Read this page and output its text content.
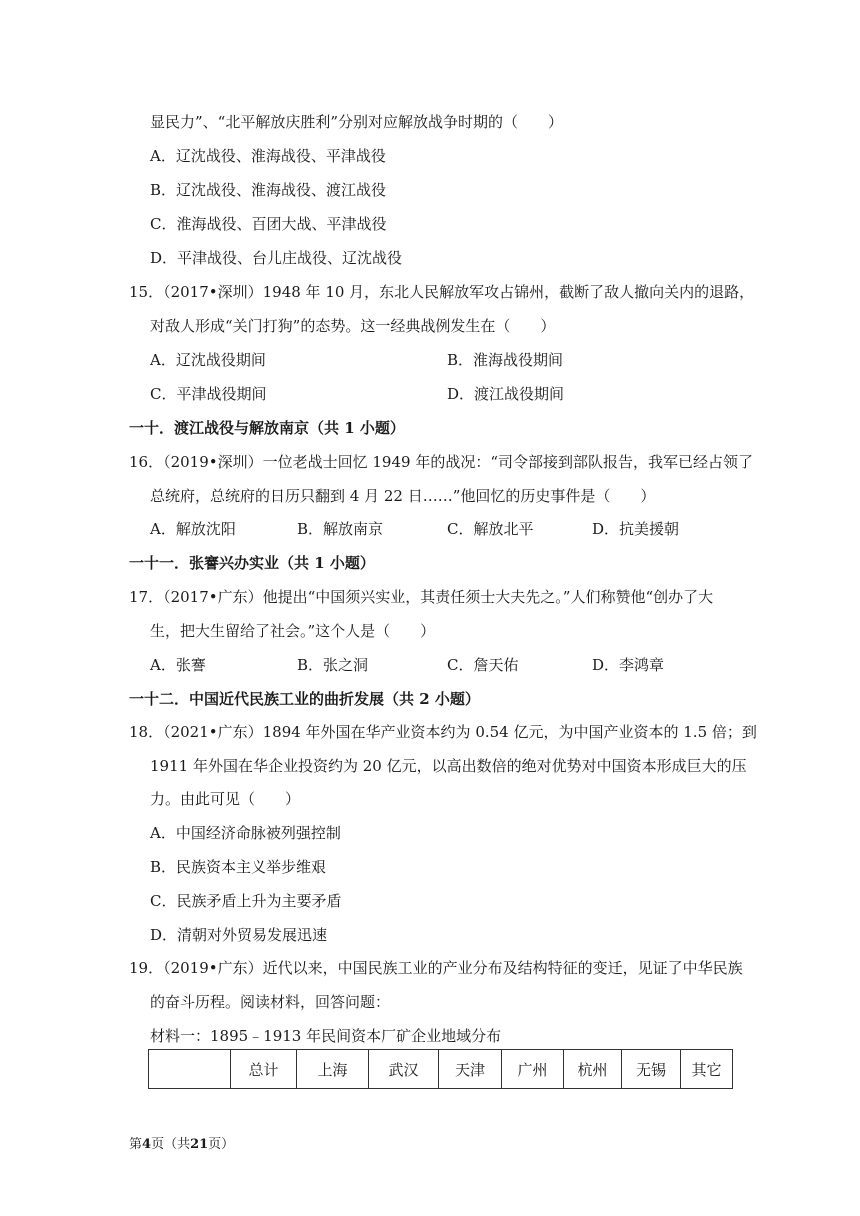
显民力”、“北平解放庆胜利”分别对应解放战争时期的（　　）
A．辽沈战役、淮海战役、平津战役
B．辽沈战役、淮海战役、渡江战役
C．淮海战役、百团大战、平津战役
D．平津战役、台儿庄战役、辽沈战役
15．（2017•深圳）1948 年 10 月，东北人民解放军攻占锦州，截断了敌人撤向关内的退路，
对敌人形成“关门打狗”的态势。这一经典战例发生在（　　）
A．辽沈战役期间	B．淮海战役期间
C．平津战役期间	D．渡江战役期间
一十．渡江战役与解放南京（共 1 小题）
16．（2019•深圳）一位老战士回忆 1949 年的战况：“司令部接到部队报告，我军已经占领了
总统府，总统府的日历只翻到 4 月 22 日……”他回忆的历史事件是（　　）
A．解放沈阳	B．解放南京	C．解放北平	D．抗美援朝
一十一．张謇兴办实业（共 1 小题）
17．（2017•广东）他提出“中国须兴实业，其责任须士大夫先之。”人们称赞他“创办了大
生，把大生留给了社会。”这个人是（　　）
A．张謇	B．张之洞	C．詹天佑	D．李鸿章
一十二．中国近代民族工业的曲折发展（共 2 小题）
18．（2021•广东）1894 年外国在华产业资本约为 0.54 亿元，为中国产业资本的 1.5 倍；到
1911 年外国在华企业投资约为 20 亿元，以高出数倍的绝对优势对中国资本形成巨大的压
力。由此可见（　　）
A．中国经济命脉被列强控制
B．民族资本主义举步维艰
C．民族矛盾上升为主要矛盾
D．清朝对外贸易发展迅速
19．（2019•广东）近代以来，中国民族工业的产业分布及结构特征的变迁，见证了中华民族
的奋斗历程。阅读材料，回答问题：
材料一：1895﹣1913 年民间资本厂矿企业地域分布
	总计	上海	武汉	天津	广州	杭州	无锡	其它
第4页（共21页）
